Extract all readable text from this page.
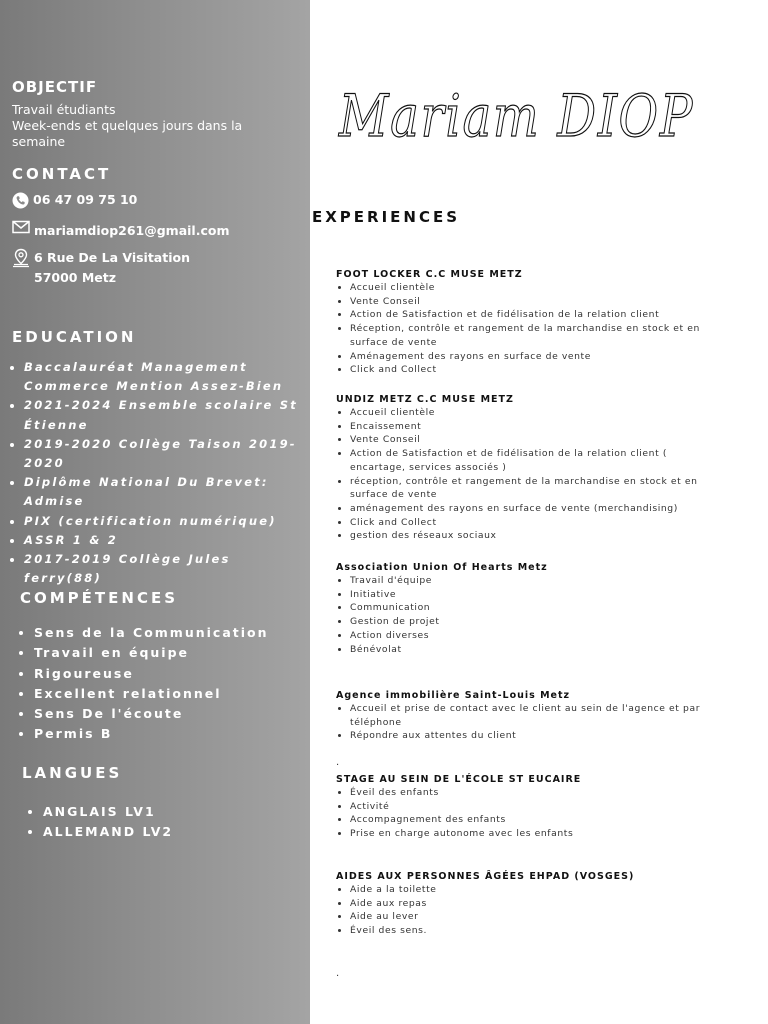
OBJECTIF
Travail étudiants
Week-ends et quelques jours dans la semaine
CONTACT
06 47 09 75 10
mariamdiop261@gmail.com
6 Rue De La Visitation 57000 Metz
EDUCATION
• Baccalauréat Management Commerce Mention Assez-Bien
• 2021-2024 Ensemble scolaire St Étienne
• 2019-2020 Collège Taison 2019-2020
• Diplôme National Du Brevet: Admise
• PIX (certification numérique)
• ASSR 1 & 2
• 2017-2019 Collège Jules ferry(88)
COMPÉTENCES
• Sens de la Communication
• Travail en équipe
• Rigoureuse
• Excellent relationnel
• Sens De l'écoute
• Permis B
LANGUES
• ANGLAIS LV1
• ALLEMAND LV2
Mariam DIOP
EXPERIENCES
FOOT LOCKER C.C MUSE METZ
• Accueil clientèle
• Vente Conseil
• Action de Satisfaction et de fidélisation de la relation client
• Réception, contrôle et rangement de la marchandise en stock et en surface de vente
• Aménagement des rayons en surface de vente
• Click and Collect
UNDIZ METZ C.C MUSE METZ
• Accueil clientèle
• Encaissement
• Vente Conseil
• Action de Satisfaction et de fidélisation de la relation client ( encartage, services associés )
• réception, contrôle et rangement de la marchandise en stock et en surface de vente
• aménagement des rayons en surface de vente (merchandising)
• Click and Collect
• gestion des réseaux sociaux
Association Union Of Hearts Metz
• Travail d'équipe
• Initiative
• Communication
• Gestion de projet
• Action diverses
• Bénévolat
Agence immobilière Saint-Louis Metz
• Accueil et prise de contact avec le client au sein de l'agence et par téléphone
• Répondre aux attentes du client
.
STAGE AU SEIN DE L'ÉCOLE ST EUCAIRE
• Éveil des enfants
• Activité
• Accompagnement des enfants
• Prise en charge autonome avec les enfants
AIDES AUX PERSONNES ÂGÉES EHPAD (VOSGES)
• Aide a la toilette
• Aide aux repas
• Aide au lever
• Éveil des sens.
.
